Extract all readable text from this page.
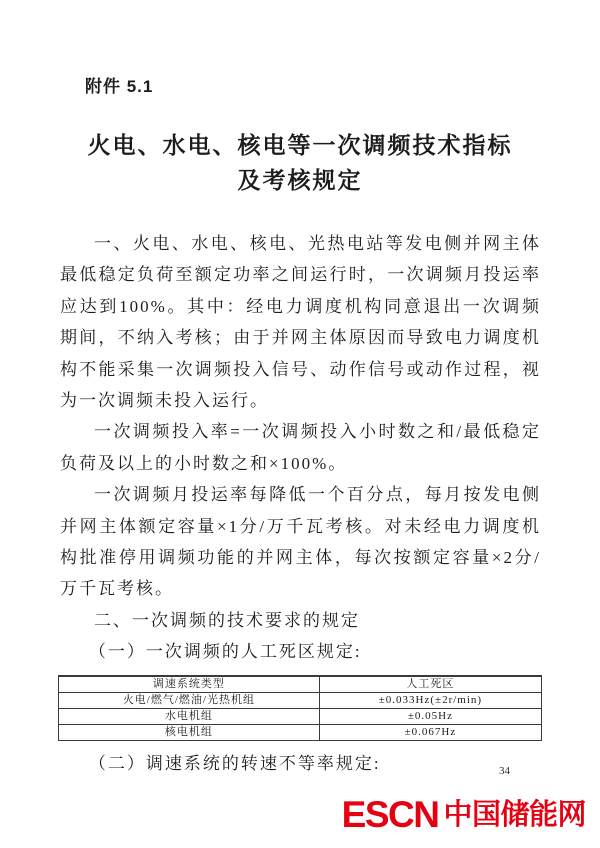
附件 5.1
火电、水电、核电等一次调频技术指标
及考核规定

一、火电、水电、核电、光热电站等发电侧并网主体最低稳定负荷至额定功率之间运行时，一次调频月投运率应达到100%。其中：经电力调度机构同意退出一次调频期间，不纳入考核；由于并网主体原因而导致电力调度机构不能采集一次调频投入信号、动作信号或动作过程，视为一次调频未投入运行。

一次调频投入率=一次调频投入小时数之和/最低稳定负荷及以上的小时数之和×100%。

一次调频月投运率每降低一个百分点，每月按发电侧并网主体额定容量×1分/万千瓦考核。对未经电力调度机构批准停用调频功能的并网主体，每次按额定容量×2分/万千瓦考核。

二、一次调频的技术要求的规定

（一）一次调频的人工死区规定:

调速系统类型	人工死区
火电/燃气/燃油/光热机组	±0.033Hz(±2r/min)
水电机组	±0.05Hz
核电机组	±0.067Hz

（二）调速系统的转速不等率规定:	34
ESCN 中国储能网
